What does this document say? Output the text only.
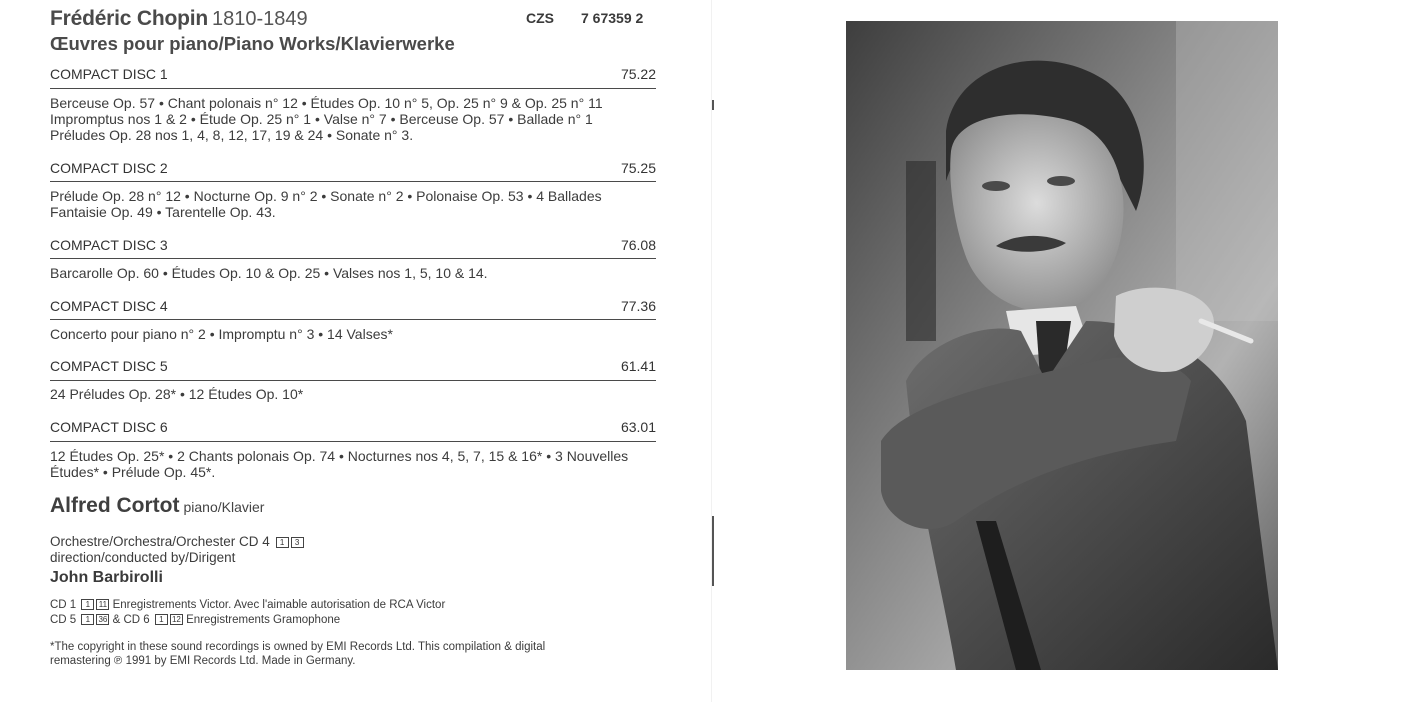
Frédéric Chopin 1810-1849	CZS 7 67359 2
Œuvres pour piano/Piano Works/Klavierwerke
COMPACT DISC 1	75.22
Berceuse Op. 57 • Chant polonais n° 12 • Études Op. 10 n° 5, Op. 25 n° 9 & Op. 25 n° 11
Impromptus nos 1 & 2 • Étude Op. 25 n° 1 • Valse n° 7 • Berceuse Op. 57 • Ballade n° 1
Préludes Op. 28 nos 1, 4, 8, 12, 17, 19 & 24 • Sonate n° 3.
COMPACT DISC 2	75.25
Prélude Op. 28 n° 12 • Nocturne Op. 9 n° 2 • Sonate n° 2 • Polonaise Op. 53 • 4 Ballades
Fantaisie Op. 49 • Tarentelle Op. 43.
COMPACT DISC 3	76.08
Barcarolle Op. 60 • Études Op. 10 & Op. 25 • Valses nos 1, 5, 10 & 14.
COMPACT DISC 4	77.36
Concerto pour piano n° 2 • Impromptu n° 3 • 14 Valses*
COMPACT DISC 5	61.41
24 Préludes Op. 28* • 12 Études Op. 10*
COMPACT DISC 6	63.01
12 Études Op. 25* • 2 Chants polonais Op. 74 • Nocturnes nos 4, 5, 7, 15 & 16* • 3 Nouvelles
Études* • Prélude Op. 45*.
Alfred Cortot piano/Klavier
Orchestre/Orchestra/Orchester CD 4 1 3
direction/conducted by/Dirigent
John Barbirolli
CD 1 1 11 Enregistrements Victor. Avec l'aimable autorisation de RCA Victor
CD 5 1 36 & CD 6 1 12 Enregistrements Gramophone
*The copyright in these sound recordings is owned by EMI Records Ltd. This compilation & digital remastering ℗ 1991 by EMI Records Ltd. Made in Germany.
